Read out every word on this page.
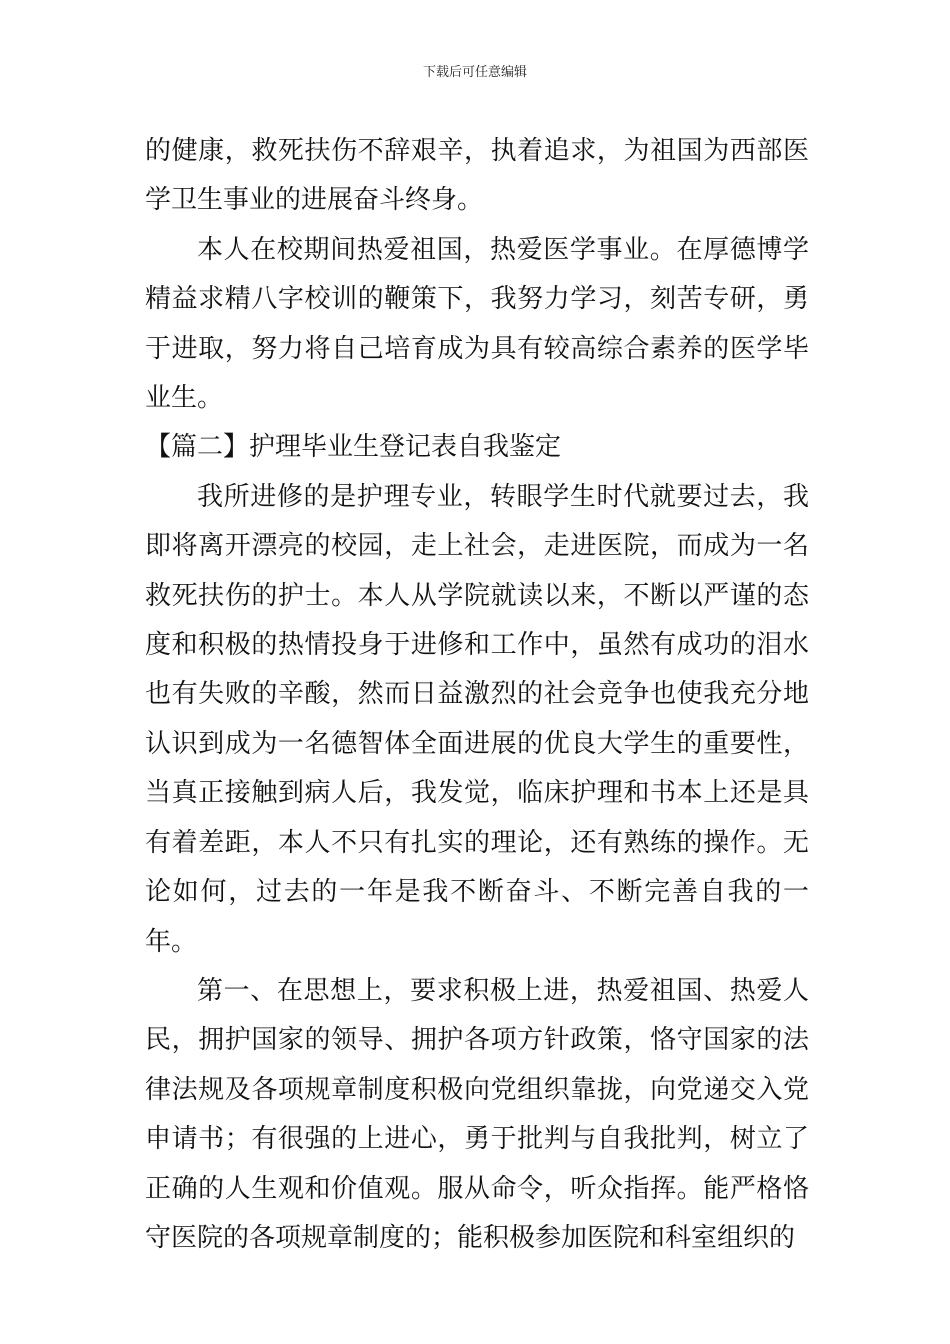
下载后可任意编辑

的健康，救死扶伤不辞艰辛，执着追求，为祖国为西部医学卫生事业的进展奋斗终身。

本人在校期间热爱祖国，热爱医学事业。在厚德博学精益求精八字校训的鞭策下，我努力学习，刻苦专研，勇于进取，努力将自己培育成为具有较高综合素养的医学毕业生。

【篇二】护理毕业生登记表自我鉴定

我所进修的是护理专业，转眼学生时代就要过去，我即将离开漂亮的校园，走上社会，走进医院，而成为一名救死扶伤的护士。本人从学院就读以来，不断以严谨的态度和积极的热情投身于进修和工作中，虽然有成功的泪水也有失败的辛酸，然而日益激烈的社会竞争也使我充分地认识到成为一名德智体全面进展的优良大学生的重要性，当真正接触到病人后，我发觉，临床护理和书本上还是具有着差距，本人不只有扎实的理论，还有熟练的操作。无论如何，过去的一年是我不断奋斗、不断完善自我的一年。

第一、在思想上，要求积极上进，热爱祖国、热爱人民，拥护国家的领导、拥护各项方针政策，恪守国家的法律法规及各项规章制度积极向党组织靠拢，向党递交入党申请书；有很强的上进心，勇于批判与自我批判，树立了正确的人生观和价值观。服从命令，听众指挥。能严格恪守医院的各项规章制度的；能积极参加医院和科室组织的
